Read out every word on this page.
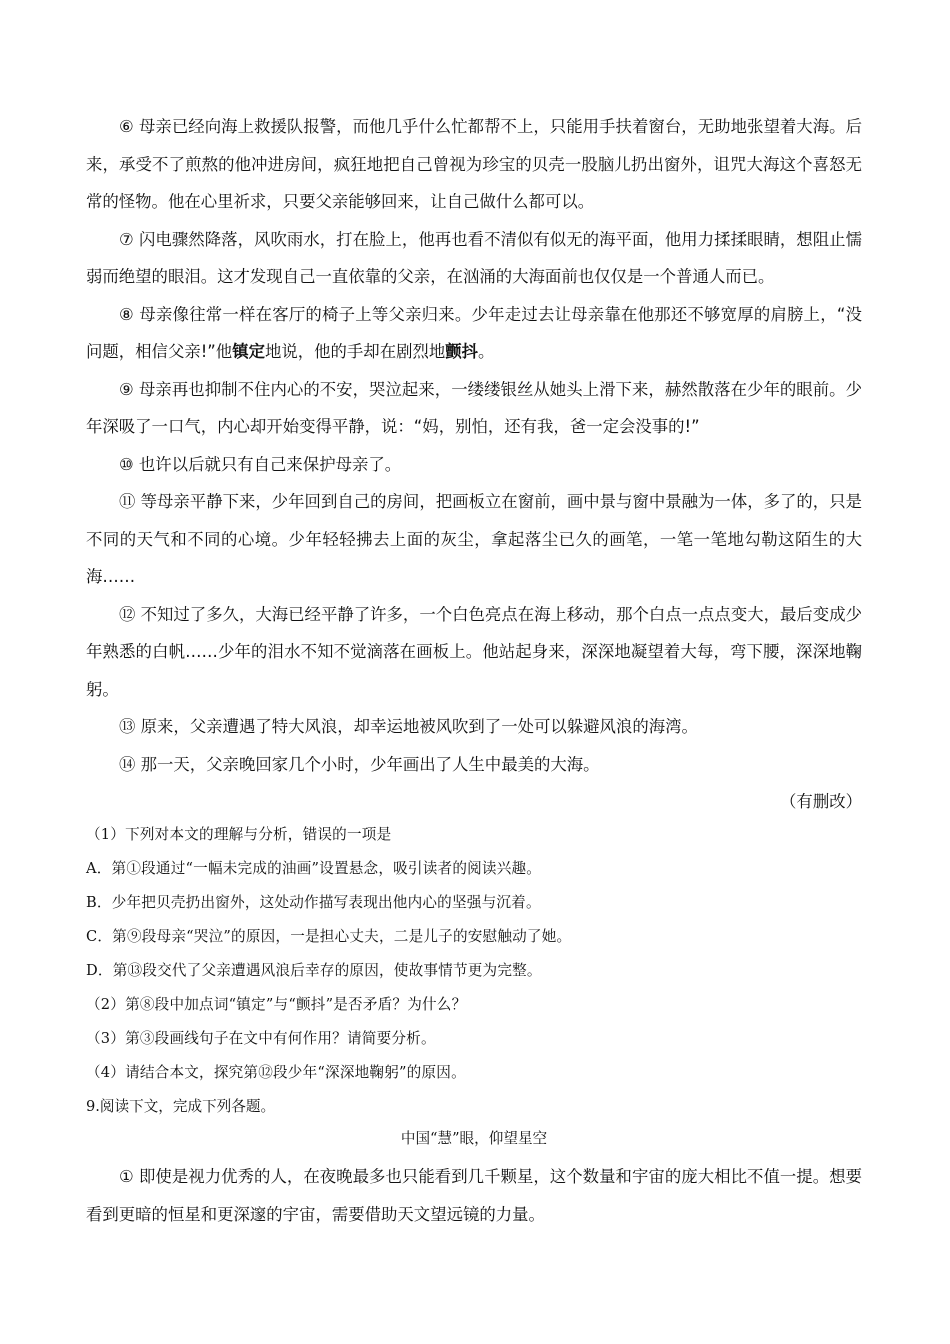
⑥ 母亲已经向海上救援队报警，而他几乎什么忙都帮不上，只能用手扶着窗台，无助地张望着大海。后来，承受不了煎熬的他冲进房间，疯狂地把自己曾视为珍宝的贝壳一股脑儿扔出窗外，诅咒大海这个喜怒无常的怪物。他在心里祈求，只要父亲能够回来，让自己做什么都可以。

⑦ 闪电骤然降落，风吹雨水，打在脸上，他再也看不清似有似无的海平面，他用力揉揉眼睛，想阻止懦弱而绝望的眼泪。这才发现自己一直依靠的父亲，在汹涌的大海面前也仅仅是一个普通人而已。

⑧ 母亲像往常一样在客厅的椅子上等父亲归来。少年走过去让母亲靠在他那还不够宽厚的肩膀上，“没问题，相信父亲!”他镇定地说，他的手却在剧烈地颤抖。

⑨ 母亲再也抑制不住内心的不安，哭泣起来，一缕缕银丝从她头上滑下来，赫然散落在少年的眼前。少年深吸了一口气，内心却开始变得平静，说：“妈，别怕，还有我，爸一定会没事的!”

⑩ 也许以后就只有自己来保护母亲了。

⑪ 等母亲平静下来，少年回到自己的房间，把画板立在窗前，画中景与窗中景融为一体，多了的，只是不同的天气和不同的心境。少年轻轻拂去上面的灰尘，拿起落尘已久的画笔，一笔一笔地勾勒这陌生的大海……

⑫ 不知过了多久，大海已经平静了许多，一个白色亮点在海上移动，那个白点一点点变大，最后变成少年熟悉的白帆……少年的泪水不知不觉滴落在画板上。他站起身来，深深地凝望着大每，弯下腰，深深地鞠躬。

⑬ 原来，父亲遭遇了特大风浪，却幸运地被风吹到了一处可以躲避风浪的海湾。

⑭ 那一天，父亲晚回家几个小时，少年画出了人生中最美的大海。

（有删改）

（1）下列对本文的理解与分析，错误的一项是

A．第①段通过“一幅未完成的油画”设置悬念，吸引读者的阅读兴趣。

B．少年把贝壳扔出窗外，这处动作描写表现出他内心的坚强与沉着。

C．第⑨段母亲“哭泣”的原因，一是担心丈夫，二是儿子的安慰触动了她。

D．第⑬段交代了父亲遭遇风浪后幸存的原因，使故事情节更为完整。

（2）第⑧段中加点词“镇定”与“颤抖”是否矛盾？为什么？

（3）第③段画线句子在文中有何作用？请简要分析。

（4）请结合本文，探究第⑫段少年“深深地鞠躬”的原因。

9.阅读下文，完成下列各题。

中国“慧”眼，仰望星空

① 即使是视力优秀的人，在夜晚最多也只能看到几千颗星，这个数量和宇宙的庞大相比不值一提。想要看到更暗的恒星和更深邃的宇宙，需要借助天文望远镜的力量。
